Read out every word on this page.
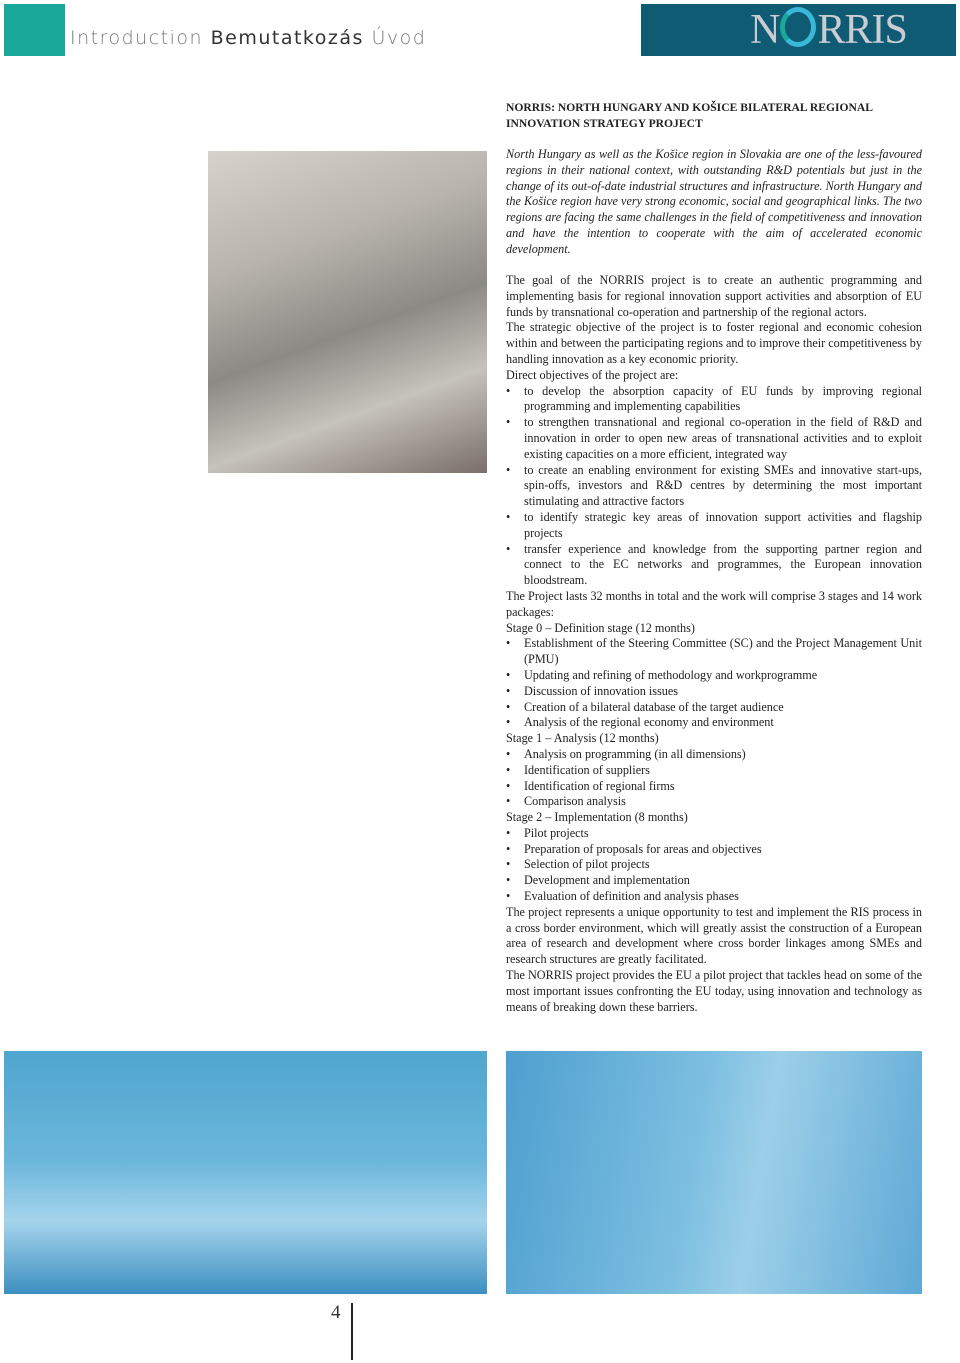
Introduction Bemutatkozás Úvod	N RRIS
NORRIS: NORTH HUNGARY AND KOŠICE BILATERAL REGIONAL INNOVATION STRATEGY PROJECT
North Hungary as well as the Košice region in Slovakia are one of the less-favoured regions in their national context, with outstanding R&D potentials but just in the change of its out-of-date industrial structures and infrastructure. North Hungary and the Košice region have very strong economic, social and geographical links. The two regions are facing the same challenges in the field of competitiveness and innovation and have the intention to cooperate with the aim of accelerated economic development.

The goal of the NORRIS project is to create an authentic programming and implementing basis for regional innovation support activities and absorption of EU funds by transnational co-operation and partnership of the regional actors.

The strategic objective of the project is to foster regional and economic cohesion within and between the participating regions and to improve their competitiveness by handling innovation as a key economic priority.

Direct objectives of the project are:

• to develop the absorption capacity of EU funds by improving regional programming and implementing capabilities

• to strengthen transnational and regional co-operation in the field of R&D and innovation in order to open new areas of transnational activities and to exploit existing capacities on a more efficient, integrated way

• to create an enabling environment for existing SMEs and innovative start-ups, spin-offs, investors and R&D centres by determining the most important stimulating and attractive factors

• to identify strategic key areas of innovation support activities and flagship projects

• transfer experience and knowledge from the supporting partner region and connect to the EC networks and programmes, the European innovation bloodstream.

The Project lasts 32 months in total and the work will comprise 3 stages and 14 work packages:

Stage 0 – Definition stage (12 months)

• Establishment of the Steering Committee (SC) and the Project Management Unit (PMU)

• Updating and refining of methodology and workprogramme

• Discussion of innovation issues

• Creation of a bilateral database of the target audience

• Analysis of the regional economy and environment

Stage 1 – Analysis (12 months)

• Analysis on programming (in all dimensions)

• Identification of suppliers

• Identification of regional firms

• Comparison analysis

Stage 2 – Implementation (8 months)

• Pilot projects

• Preparation of proposals for areas and objectives

• Selection of pilot projects

• Development and implementation

• Evaluation of definition and analysis phases

The project represents a unique opportunity to test and implement the RIS process in a cross border environment, which will greatly assist the construction of a European area of research and development where cross border linkages among SMEs and research structures are greatly facilitated.

The NORRIS project provides the EU a pilot project that tackles head on some of the most important issues confronting the EU today, using innovation and technology as means of breaking down these barriers.

4
